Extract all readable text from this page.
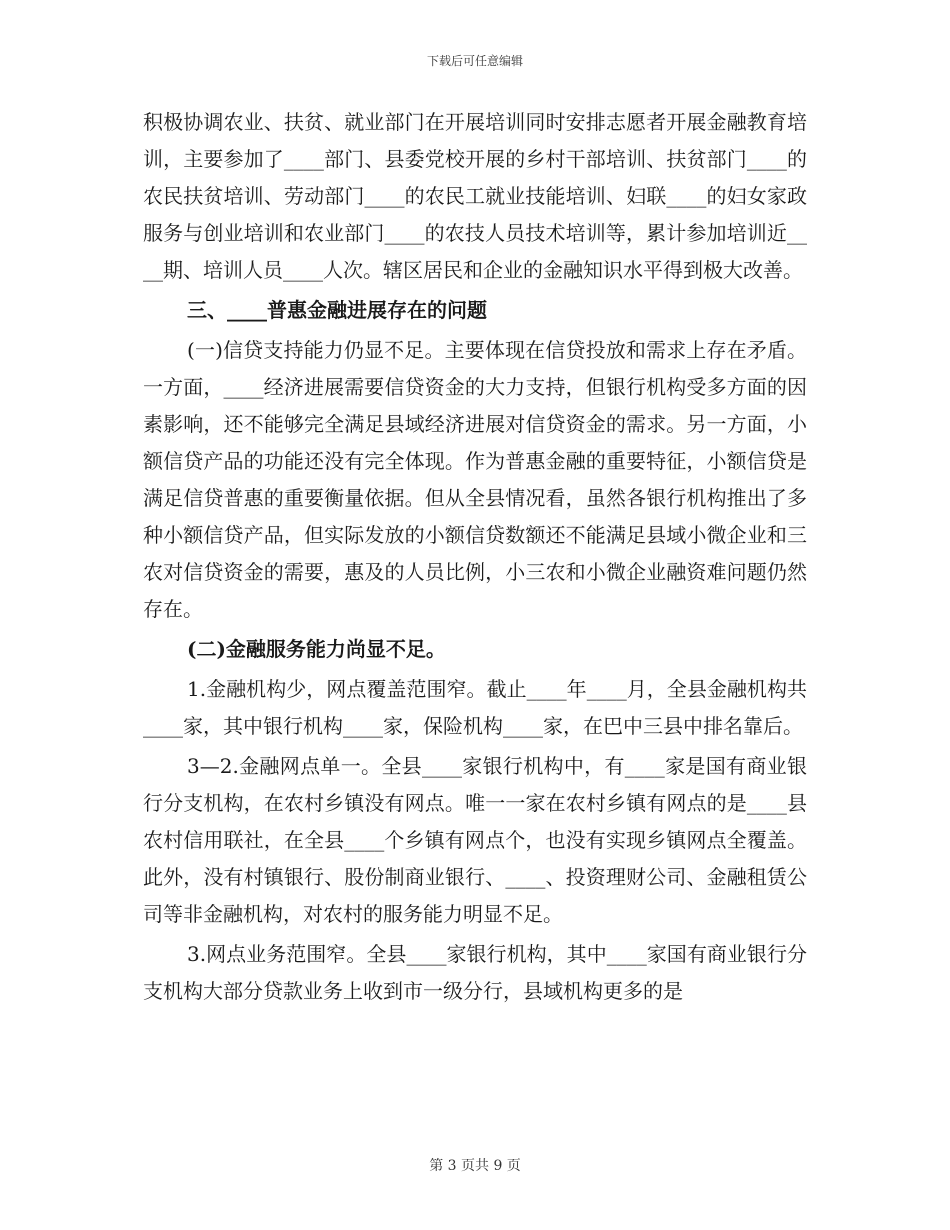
下载后可任意编辑

积极协调农业、扶贫、就业部门在开展培训同时安排志愿者开展金融教育培训，主要参加了____部门、县委党校开展的乡村干部培训、扶贫部门____的农民扶贫培训、劳动部门____的农民工就业技能培训、妇联____的妇女家政服务与创业培训和农业部门____的农技人员技术培训等，累计参加培训近____期、培训人员____人次。辖区居民和企业的金融知识水平得到极大改善。

三、____普惠金融进展存在的问题

(一)信贷支持能力仍显不足。主要体现在信贷投放和需求上存在矛盾。一方面，____经济进展需要信贷资金的大力支持，但银行机构受多方面的因素影响，还不能够完全满足县域经济进展对信贷资金的需求。另一方面，小额信贷产品的功能还没有完全体现。作为普惠金融的重要特征，小额信贷是满足信贷普惠的重要衡量依据。但从全县情况看，虽然各银行机构推出了多种小额信贷产品，但实际发放的小额信贷数额还不能满足县域小微企业和三农对信贷资金的需要，惠及的人员比例，小三农和小微企业融资难问题仍然存在。

(二)金融服务能力尚显不足。

1.金融机构少，网点覆盖范围窄。截止____年____月，全县金融机构共____家，其中银行机构____家，保险机构____家，在巴中三县中排名靠后。

3—2.金融网点单一。全县____家银行机构中，有____家是国有商业银行分支机构，在农村乡镇没有网点。唯一一家在农村乡镇有网点的是____县农村信用联社，在全县____个乡镇有网点个，也没有实现乡镇网点全覆盖。此外，没有村镇银行、股份制商业银行、____、投资理财公司、金融租赁公司等非金融机构，对农村的服务能力明显不足。

3.网点业务范围窄。全县____家银行机构，其中____家国有商业银行分支机构大部分贷款业务上收到市一级分行，县域机构更多的是

第 3 页共 9 页
